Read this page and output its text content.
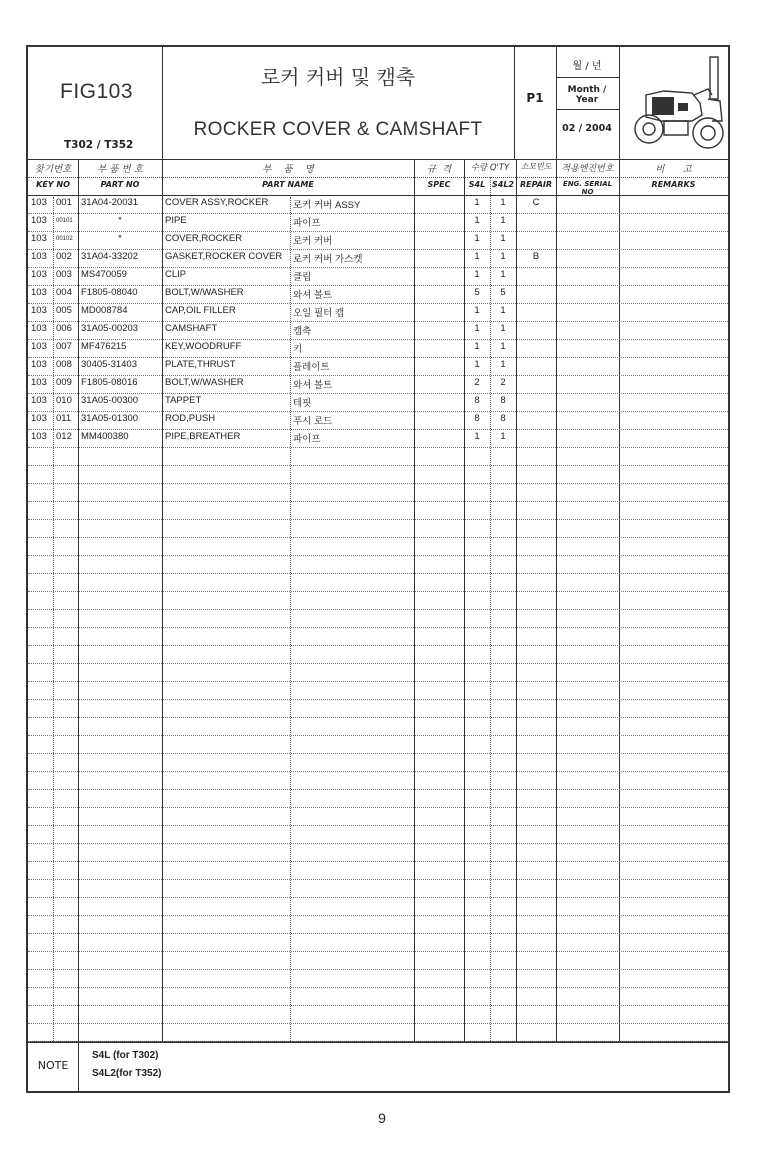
FIG103
T302 / T352
로커 커버 및 캠축
ROCKER COVER & CAMSHAFT
P1
월 / 년
Month / Year
02 / 2004
찾기번호
KEY NO
부 품 번 호
PART NO
부    품    명
PART NAME
규  격
SPEC
수량 Q'TY
S4L S4L2
소모빈도
REPAIR
적용엔진번호
ENG. SERIAL NO
비      고
REMARKS
103 001 31A04-20031	COVER ASSY,ROCKER	로커 커버 ASSY	1	1	C
103	00101	*	PIPE	파이프	1	1
103	00102	*	COVER,ROCKER	로커 커버	1	1
103 002 31A04-33202	GASKET,ROCKER COVER	로커 커버 가스켓	1	1	B
103 003 MS470059	CLIP	클립	1	1
103 004 F1805-08040	BOLT,W/WASHER	와셔 볼트	5	5
103 005 MD008784	CAP,OIL FILLER	오일 필터 캡	1	1
103 006 31A05-00203	CAMSHAFT	캠축	1	1
103 007 MF476215	KEY,WOODRUFF	키	1	1
103 008 30405-31403	PLATE,THRUST	플레이트	1	1
103 009 F1805-08016	BOLT,W/WASHER	와셔 볼트	2	2
103 010 31A05-00300	TAPPET	테핏	8	8
103 011	31A05-01300	ROD,PUSH	푸시 로드	8	8
103 012 MM400380	PIPE,BREATHER	파이프	1	1
NOTE
S4L (for T302)
S4L2(for T352)
9
